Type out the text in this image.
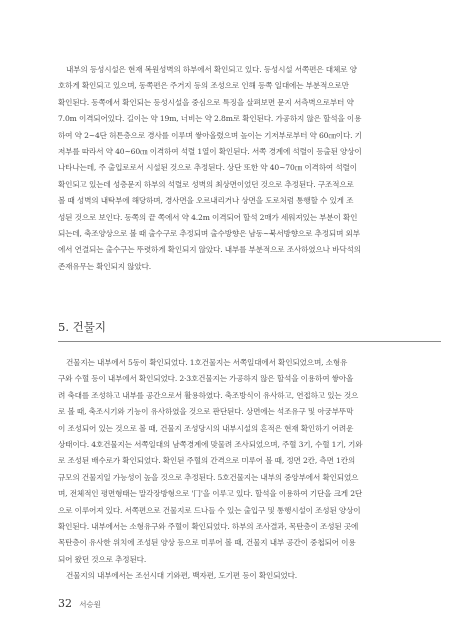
내부의 등성시설은 현재 복원성벽의 하부에서 확인되고 있다. 등성시설 서쪽편은 대체로 양
호하게 확인되고 있으며, 동쪽편은 주거지 등의 조성으로 인해 등쪽 일대에는 부분적으로만
확인된다. 동쪽에서 확인되는 등성시설을 중심으로 특징을 살펴보면 문지 서측벽으로부터 약
7.0m 이격되어있다. 길이는 약 19m, 너비는 약 2.8m로 확인된다. 가공하지 않은 할석을 이용
하여 약 2~4단 허튼층으로 경사를 이루며 쌓아올렸으며 높이는 기저부로부터 약 60㎝이다. 기
저부를 따라서 약 40~60㎝ 이격하여 석렬 1열이 확인된다. 서쪽 경계에 석렬이 등출된 양상이
나타나는데, 주 출입로로서 시설된 것으로 추정된다. 상단 또한 약 40~70㎝ 이격하여 석렬이
확인되고 있는데 성층문지 하부의 석렬로 성벽의 최상면이었던 것으로 추정된다. 구조적으로
볼 때 성벽의 내탁부에 해당하며, 경사면을 오르내리거나 상면을 도로처럼 통행할 수 있게 조
성된 것으로 보인다. 동쪽의 끝 쪽에서 약 4.2m 이격되어 할석 2매가 세워져있는 부분이 확인
되는데, 축조양상으로 볼 때 출수구로 추정되며 출수방향은 남동~북서방향으로 추정되며 외부
에서 연결되는 출수구는 뚜렷하게 확인되지 않았다. 내부를 부분적으로 조사하였으나 바닥석의
존재유무는 확인되지 않았다.

5. 건물지

건물지는 내부에서 5동이 확인되었다. 1호건물지는 서쪽일대에서 확인되었으며, 소형유
구와 수혈 등이 내부에서 확인되었다. 2·3호건물지는 가공하지 않은 할석을 이용하여 쌓아올
려 축대를 조성하고 내부를 공간으로서 활용하였다. 축조방식이 유사하고, 연접하고 있는 것으
로 볼 때, 축조시기와 기능이 유사하였을 것으로 판단된다. 상면에는 석조유구 및 아궁부뚜막
이 조성되어 있는 것으로 볼 때, 건물지 조성당시의 내부시설의 흔적은 현재 확인하기 어려운
상태이다. 4호건물지는 서쪽일대의 남쪽경계에 맞물려 조사되었으며, 주혈 3기, 수혈 1기, 기와
로 조성된 배수로가 확인되었다. 확인된 주혈의 간격으로 미루어 볼 때, 정면 2칸, 측면 1칸의
규모의 건물지일 가능성이 높을 것으로 추정된다. 5호건물지는 내부의 중앙부에서 확인되었으
며, 전체적인 평면형태는 말각장방형으로 '冂'을 이루고 있다. 할석을 이용하여 기단을 크게 2단
으로 이루어져 있다. 서쪽편으로 건물지로 드나들 수 있는 출입구 및 통행시설이 조성된 양상이
확인된다. 내부에서는 소형유구와 주혈이 확인되었다. 하부의 조사결과, 목탄층이 조성된 곳에
목탄층이 유사한 위치에 조성된 양상 등으로 미루어 볼 때, 건물지 내부 공간이 중첩되어 이용
되어 왔던 것으로 추정된다.
건물지의 내부에서는 조선시대 기와편, 백자편, 도기편 등이 확인되었다.

32 서승원
